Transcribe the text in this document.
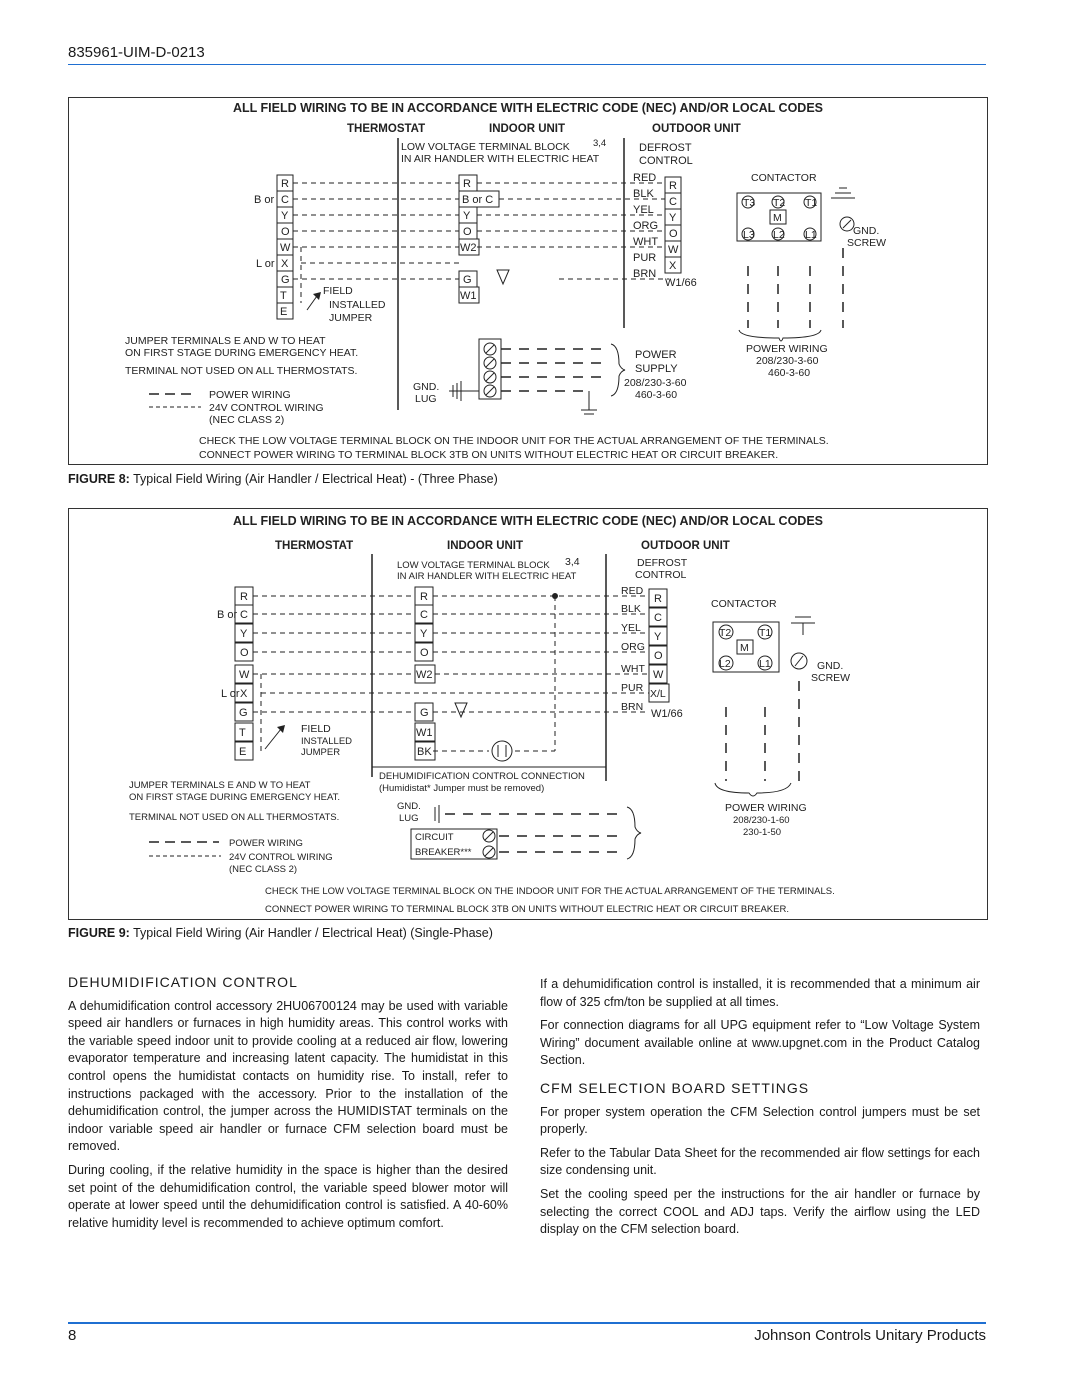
835961-UIM-D-0213
ALL FIELD WIRING TO BE IN ACCORDANCE WITH ELECTRIC CODE (NEC) AND/OR LOCAL CODES
THERMOSTAT	INDOOR UNIT	OUTDOOR UNIT
LOW VOLTAGE TERMINAL BLOCK 3,4
IN AIR HANDLER WITH ELECTRIC HEAT
DEFROST
CONTROL
CONTACTOR
R
C
Y
O
W
X
G
T
E
B or
L or
R
B or C
Y
O
W2
G
W1
RED
BLK
YEL
ORG
WHT
PUR
BRN
R
C
Y
O
W
X
W1/66
T3 T2 T1
M
L3 L2 L1	GND.
SCREW
POWER WIRING
208/230-3-60
460-3-60
FIELD
INSTALLED
JUMPER
JUMPER TERMINALS E AND W TO HEAT
ON FIRST STAGE DURING EMERGENCY HEAT.
TERMINAL NOT USED ON ALL THERMOSTATS.
POWER WIRING
24V CONTROL WIRING
(NEC CLASS 2)
GND.
LUG
POWER
SUPPLY
208/230-3-60
460-3-60
CHECK THE LOW VOLTAGE TERMINAL BLOCK ON THE INDOOR UNIT FOR THE ACTUAL ARRANGEMENT OF THE TERMINALS.
CONNECT POWER WIRING TO TERMINAL BLOCK 3TB ON UNITS WITHOUT ELECTRIC HEAT OR CIRCUIT BREAKER.
FIGURE 8: Typical Field Wiring (Air Handler / Electrical Heat) - (Three Phase)
ALL FIELD WIRING TO BE IN ACCORDANCE WITH ELECTRIC CODE (NEC) AND/OR LOCAL CODES
THERMOSTAT	INDOOR UNIT	OUTDOOR UNIT
LOW VOLTAGE TERMINAL BLOCK 3,4
IN AIR HANDLER WITH ELECTRIC HEAT
DEFROST
CONTROL
CONTACTOR
R
C
Y
O
W
X
G
T
E
B or
L or
R
C
Y
O
W2
G
W1
BK
DEHUMIDIFICATION CONTROL CONNECTION
(Humidistat* Jumper must be removed)
RED
BLK
YEL
ORG
WHT
PUR
BRN
R
C
Y
O
W
X/L
W1/66
T2	T1
M
L2	L1	GND.
SCREW
POWER WIRING
208/230-1-60
230-1-50
FIELD
INSTALLED
JUMPER
JUMPER TERMINALS E AND W TO HEAT
ON FIRST STAGE DURING EMERGENCY HEAT.
TERMINAL NOT USED ON ALL THERMOSTATS.
POWER WIRING
24V CONTROL WIRING
(NEC CLASS 2)
GND.
LUG
CIRCUIT
BREAKER***
CHECK THE LOW VOLTAGE TERMINAL BLOCK ON THE INDOOR UNIT FOR THE ACTUAL ARRANGEMENT OF THE TERMINALS.
CONNECT POWER WIRING TO TERMINAL BLOCK 3TB ON UNITS WITHOUT ELECTRIC HEAT OR CIRCUIT BREAKER.
FIGURE 9: Typical Field Wiring (Air Handler / Electrical Heat) (Single-Phase)
DEHUMIDIFICATION CONTROL

A dehumidification control accessory 2HU06700124 may be used with variable speed air handlers or furnaces in high humidity areas. This control works with the variable speed indoor unit to provide cooling at a reduced air flow, lowering evaporator temperature and increasing latent capacity. The humidistat in this control opens the humidistat contacts on humidity rise. To install, refer to instructions packaged with the accessory. Prior to the installation of the dehumidification control, the jumper across the HUMIDISTAT terminals on the indoor variable speed air handler or furnace CFM selection board must be removed.

During cooling, if the relative humidity in the space is higher than the desired set point of the dehumidification control, the variable speed blower motor will operate at lower speed until the dehumidification control is satisfied. A 40-60% relative humidity level is recommended to achieve optimum comfort.

If a dehumidification control is installed, it is recommended that a minimum air flow of 325 cfm/ton be supplied at all times.

For connection diagrams for all UPG equipment refer to “Low Voltage System Wiring” document available online at www.upgnet.com in the Product Catalog Section.

CFM SELECTION BOARD SETTINGS

For proper system operation the CFM Selection control jumpers must be set properly.

Refer to the Tabular Data Sheet for the recommended air flow settings for each size condensing unit.

Set the cooling speed per the instructions for the air handler or furnace by selecting the correct COOL and ADJ taps. Verify the airflow using the LED display on the CFM selection board.

8	Johnson Controls Unitary Products
